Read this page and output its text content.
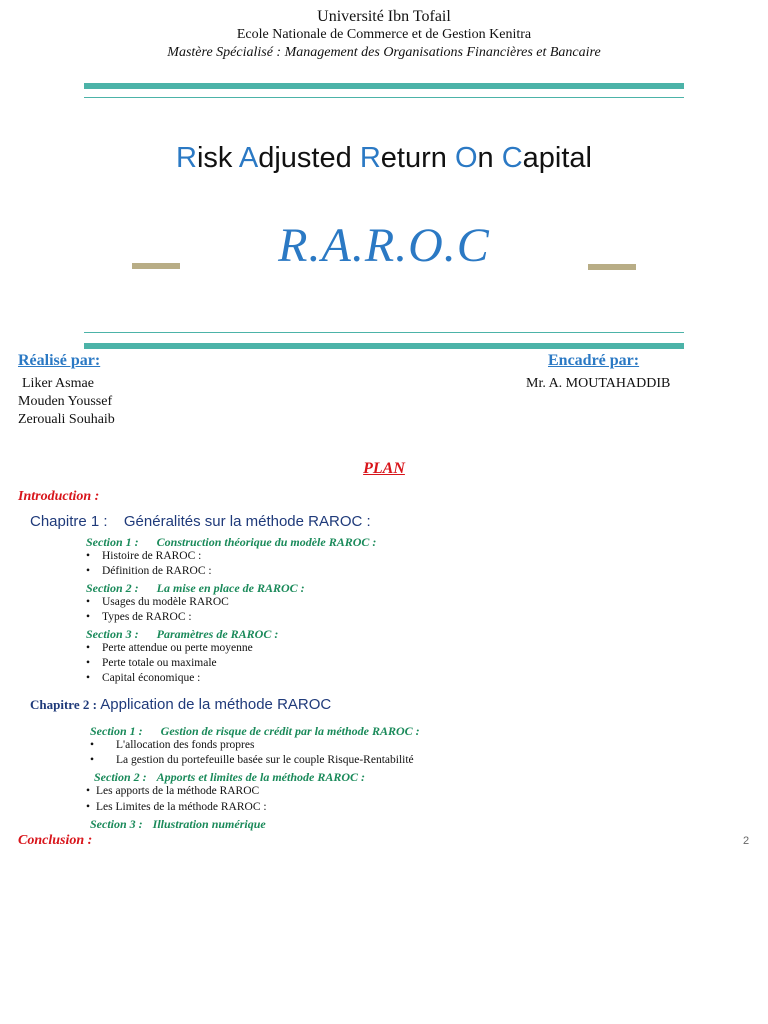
Université Ibn Tofail
Ecole Nationale de Commerce et de Gestion Kenitra
Mastère Spécialisé : Management des Organisations Financières et Bancaire
Risk Adjusted Return On Capital
R.A.R.O.C
Réalisé par:
Liker Asmae
Mouden Youssef
Zerouali Souhaib
Encadré par:
Mr. A. MOUTAHADDIB
PLAN
Introduction :
Chapitre 1 : Généralités sur la méthode RAROC :
Section 1 : Construction théorique du modèle RAROC :
• Histoire de RAROC :
• Définition de RAROC :
Section 2 : La mise en place de RAROC :
• Usages du modèle RAROC
• Types de RAROC :
Section 3 : Paramètres de RAROC :
• Perte attendue ou perte moyenne
• Perte totale ou maximale
• Capital économique :
Chapitre 2 : Application de la méthode RAROC
Section 1 : Gestion de risque de crédit par la méthode RAROC :
• L'allocation des fonds propres
• La gestion du portefeuille basée sur le couple Risque-Rentabilité
Section 2 : Apports et limites de la méthode RAROC :
• Les apports de la méthode RAROC
• Les Limites de la méthode RAROC :
Section 3 : Illustration numérique
Conclusion :	2
